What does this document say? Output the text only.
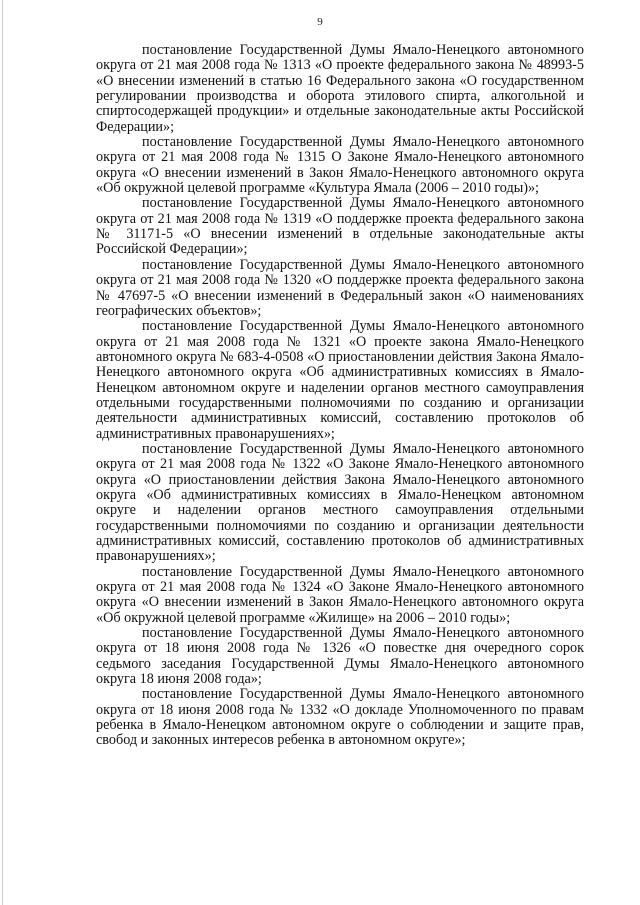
9

постановление Государственной Думы Ямало-Ненецкого автономного округа от 21 мая 2008 года № 1313 «О проекте федерального закона № 48993-5 «О внесении изменений в статью 16 Федерального закона «О государственном регулировании производства и оборота этилового спирта, алкогольной и спиртосодержащей продукции» и отдельные законодательные акты Российской Федерации»;

постановление Государственной Думы Ямало-Ненецкого автономного округа от 21 мая 2008 года № 1315 О Законе Ямало-Ненецкого автономного округа «О внесении изменений в Закон Ямало-Ненецкого автономного округа «Об окружной целевой программе «Культура Ямала (2006 – 2010 годы)»;

постановление Государственной Думы Ямало-Ненецкого автономного округа от 21 мая 2008 года № 1319 «О поддержке проекта федерального закона № 31171-5 «О внесении изменений в отдельные законодательные акты Российской Федерации»;

постановление Государственной Думы Ямало-Ненецкого автономного округа от 21 мая 2008 года № 1320 «О поддержке проекта федерального закона № 47697-5 «О внесении изменений в Федеральный закон «О наименованиях географических объектов»;

постановление Государственной Думы Ямало-Ненецкого автономного округа от 21 мая 2008 года № 1321 «О проекте закона Ямало-Ненецкого автономного округа № 683-4-0508 «О приостановлении действия Закона Ямало-Ненецкого автономного округа «Об административных комиссиях в Ямало-Ненецком автономном округе и наделении органов местного самоуправления отдельными государственными полномочиями по созданию и организации деятельности административных комиссий, составлению протоколов об административных правонарушениях»;

постановление Государственной Думы Ямало-Ненецкого автономного округа от 21 мая 2008 года № 1322 «О Законе Ямало-Ненецкого автономного округа «О приостановлении действия Закона Ямало-Ненецкого автономного округа «Об административных комиссиях в Ямало-Ненецком автономном округе и наделении органов местного самоуправления отдельными государственными полномочиями по созданию и организации деятельности административных комиссий, составлению протоколов об административных правонарушениях»;

постановление Государственной Думы Ямало-Ненецкого автономного округа от 21 мая 2008 года № 1324 «О Законе Ямало-Ненецкого автономного округа «О внесении изменений в Закон Ямало-Ненецкого автономного округа «Об окружной целевой программе «Жилище» на 2006 – 2010 годы»;

постановление Государственной Думы Ямало-Ненецкого автономного округа от 18 июня 2008 года № 1326 «О повестке дня очередного сорок седьмого заседания Государственной Думы Ямало-Ненецкого автономного округа 18 июня 2008 года»;

постановление Государственной Думы Ямало-Ненецкого автономного округа от 18 июня 2008 года № 1332 «О докладе Уполномоченного по правам ребенка в Ямало-Ненецком автономном округе о соблюдении и защите прав, свобод и законных интересов ребенка в автономном округе»;
